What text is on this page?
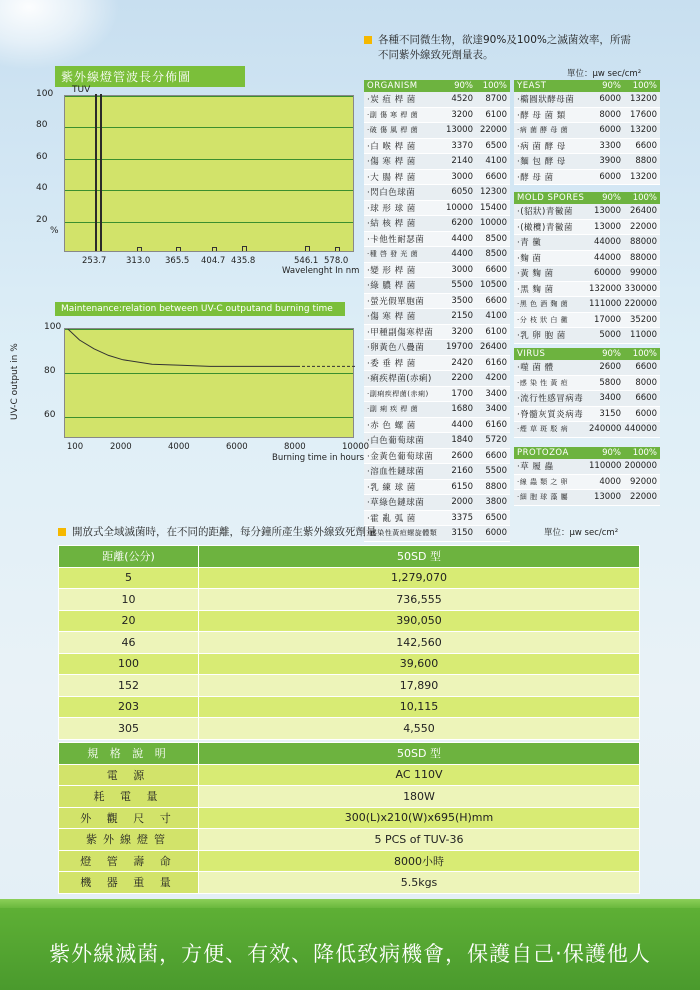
各種不同微生物，欲達90%及100%之滅菌效率，所需
不同紫外線致死劑量表。
單位：μw sec/cm²
紫外線燈管波長分佈圖
TUV
%
Wavelenght In nm
Maintenance:relation between UV-C outputand burning time
UV-C output in %
Burning time in hours
ORGANISM	90%	100%
‧炭 疽 桿 菌	4520	8700
‧副 傷 寒 桿 菌	3200	6100
‧破 傷 風 桿 菌	13000 22000
‧白 喉 桿 菌	3370	6500
‧傷 寒 桿 菌	2140	4100
‧大 腸 桿 菌	3000	6600
‧閃白色球菌	6050 12300
‧球 形 球 菌	10000 15400
‧結 核 桿 菌	6200 10000
‧卡他性耐瑟菌	4400	8500
‧種 啓 發 光 菌	4400	8500
‧變 形 桿 菌	3000	6600
‧綠 膿 桿 菌	5500 10500
‧螢光假單胞菌	3500	6600
‧傷 寒 桿 菌	2150	4100
‧甲種副傷寒桿菌	3200	6100
‧卵黃色八疊菌	19700 26400
‧委 垂 桿 菌	2420	6160
‧痢疾桿菌(赤痢)	2200	4200
‧副痢疾桿菌(赤痢)	1700	3400
‧副 痢 疾 桿 菌	1680	3400
‧赤 色 螺 菌	4400	6160
‧白色葡萄球菌	1840	5720
‧金黃色葡萄球菌	2600	6600
‧溶血性鏈球菌	2160	5500
‧乳 練 球 菌	6150	8800
‧草綠色鏈球菌	2000	3800
‧霍 亂 弧 菌	3375	6500
‧感染性黃疸螺旋體類	3150	6000
YEAST	90%	100%
‧橢圓狀酵母菌	6000	13200
‧酵 母 菌 類	8000	17600
‧病 菌 酵 母 菌	6000	13200
‧病 菌 酵 母	3300	6600
‧麵 包 酵 母	3900	8800
‧酵 母 菌	6000	13200
MOLD SPORES	90%	100%
‧(貂狀)青黴菌	13000	26400
‧(橄欖)青黴菌	13000	22000
‧青 黴	44000	88000
‧麴 菌	44000	88000
‧黃 麴 菌	60000	99000
‧黑 麴 菌	132000 330000
‧黑 色 酒 麴 菌	111000 220000
‧分 枝 狀 白 黴	17000	35200
‧乳 卵 胞 菌	5000	11000
VIRUS	90%	100%
‧噬 菌 體	2600	6600
‧感 染 性 黃 疸	5800	8000
‧流行性感冒病毒	3400	6600
‧脊髓灰質炎病毒	3150	6000
‧煙 草 斑 駁 病	240000 440000
PROTOZOA	90%	100%
‧草 履 蟲	110000 200000
‧線 蟲 類 之 卵	4000	92000
‧細 胞 球 藻 屬	13000	22000
開放式全域滅菌時，在不同的距離，每分鐘所產生紫外線致死劑量	單位：μw sec/cm²
距離(公分)	50SD 型
5	1,279,070
10	736,555
20	390,050
46	142,560
100	39,600
152	17,890
203	10,115
305	4,550
規 格 說 明	50SD 型
電 源	AC 110V
耗 電 量	180W
外 觀 尺 寸	300(L)x210(W)x695(H)mm
紫外線燈管	5 PCS of TUV-36
燈 管 壽 命	8000小時
機 器 重 量	5.5kgs
紫外線滅菌，方便、有效、降低致病機會，保護自己‧保護他人
100
80
60
40
20
253.7 313.0 365.5 404.7 435.8	546.1 578.0
100
80
60
100	2000	4000	6000	8000	10000
